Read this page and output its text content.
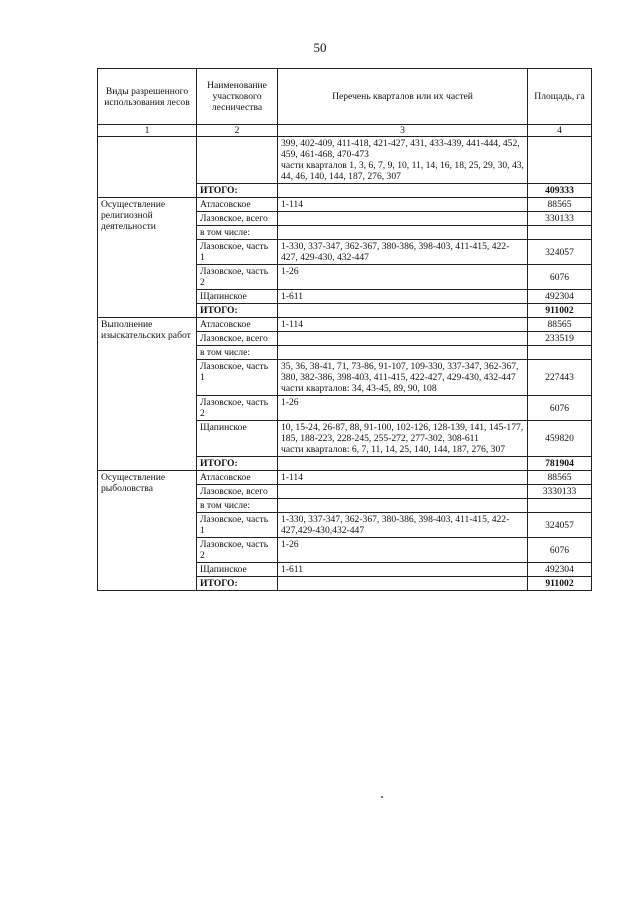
50
Виды разрешенного использования лесов	Наименование участкового лесничества	Перечень кварталов или их частей	Площадь, га
1	2	3	4

		399, 402-409, 411-418, 421-427, 431, 433-439, 441-444, 452, 459, 461-468, 470-473
части кварталов 1, 3, 6, 7, 9, 10, 11, 14, 16, 18, 25, 29, 30, 43, 44, 46, 140, 144, 187, 276, 307	

	ИТОГО:		409333
Осуществление религиозной деятельности	Атласовское	1-114	88565
	Лазовское, всего		330133
	в том числе:		
	Лазовское, часть 1	1-330, 337-347, 362-367, 380-386, 398-403, 411-415, 422-427, 429-430, 432-447	324057
	Лазовское, часть 2	1-26	6076
	Щапинское	1-611	492304
	ИТОГО:		911002
Выполнение изыскательских работ	Атласовское	1-114	88565
	Лазовское, всего		233519
	в том числе:		
	Лазовское, часть 1	35, 36, 38-41, 71, 73-86, 91-107, 109-330, 337-347, 362-367, 380, 382-386, 398-403, 411-415, 422-427, 429-430, 432-447
части кварталов: 34, 43-45, 89, 90, 108	227443
	Лазовское, часть 2	1-26	6076
	Щапинское	10, 15-24, 26-87, 88, 91-100, 102-126, 128-139, 141, 145-177, 185, 188-223, 228-245, 255-272, 277-302, 308-611
части кварталов: 6, 7, 11, 14, 25, 140, 144, 187, 276, 307	459820
	ИТОГО:		781904
Осуществление рыболовства	Атласовское	1-114	88565
	Лазовское, всего		3330133
	в том числе:		
	Лазовское, часть 1	1-330, 337-347, 362-367, 380-386, 398-403, 411-415, 422-427,429-430,432-447	324057
	Лазовское, часть 2	1-26	6076
	Щапинское	1-611	492304
	ИТОГО:		911002
